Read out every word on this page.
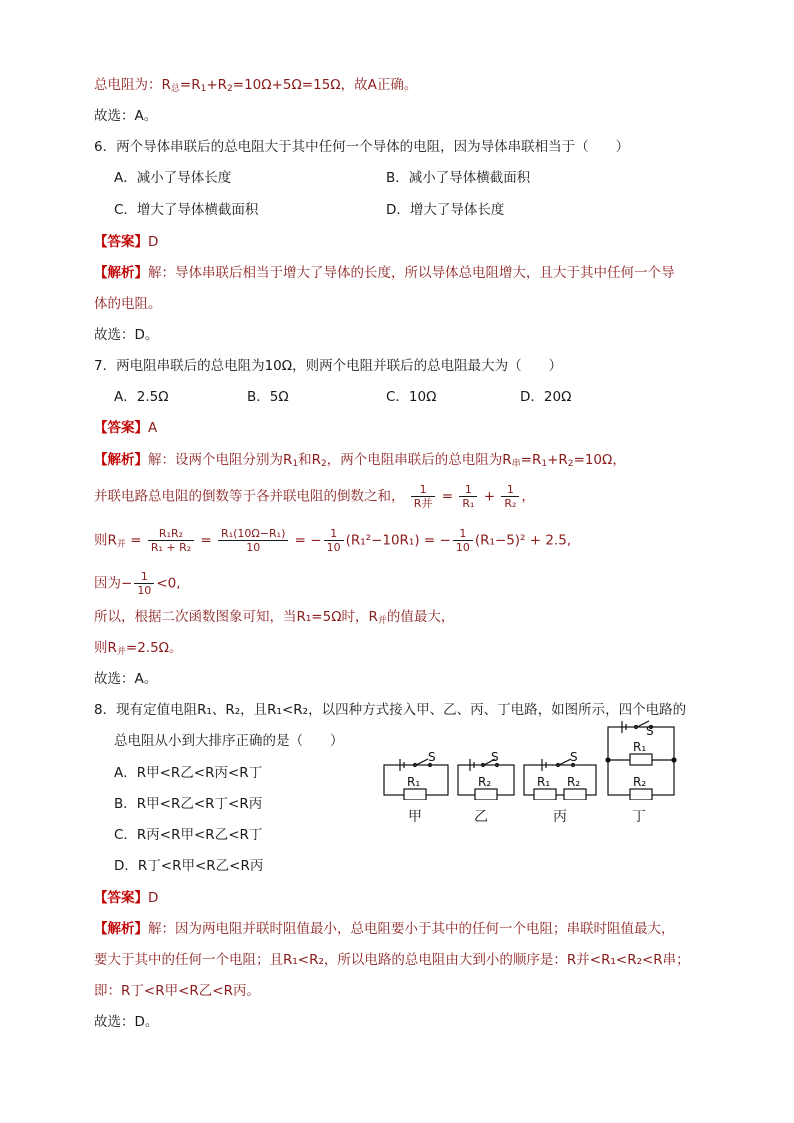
总电阻为：$R_总=R_1+R_2=10\Omega+5\Omega=15\Omega$，故A正确。
故选：A。
6．两个导体串联后的总电阻大于其中任何一个导体的电阻，因为导体串联相当于（　　）
A．减小了导体长度	B．减小了导体横截面积
C．增大了导体横截面积	D．增大了导体长度
【答案】D
【解析】解：导体串联后相当于增大了导体的长度，所以导体总电阻增大，且大于其中任何一个导
体的电阻。
故选：D。
7．两电阻串联后的总电阻为10Ω，则两个电阻并联后的总电阻最大为（　　）
A．2.5Ω	B．5Ω	C．10Ω	D．20Ω
【答案】A
【解析】解：设两个电阻分别为$R_1$和$R_2$，两个电阻串联后的总电阻为$R_串=R_1+R_2=10\Omega$，
并联电路总电阻的倒数等于各并联电阻的倒数之和， $\frac{1}{\text{R并}} = \frac{1}{\text{R₁}} + \frac{1}{\text{R₂}}$ ，
则$R_并 = \frac{\text{R₁R₂}}{\text{R₁ + R₂}} = \frac{\text{R₁(10Ω−R₁)}}{10}$ = − $\frac{1}{10} (R_1^2-10R_1)$ = − $\frac{1}{10} (R_1-5)^2 + 2.5$,
因为− $\frac{1}{10} <0$,
所以，根据二次函数图象可知，当R₁=5Ω时，$R_并$的值最大，
则$R_并=2.5\Omega$。
故选：A。
8．现有定值电阻R₁、R₂，且R₁<R₂，以四种方式接入甲、乙、丙、丁电路，如图所示，四个电路的
总电阻从小到大排序正确的是（　　）
A．R甲<R乙<R丙<R丁
B．R甲<R乙<R丁<R丙
C．R丙<R甲<R乙<R丁
D．R丁<R甲<R乙<R丙
S
R₁
S
R₂
S
R₁ R₂
S
R₁
R₂
甲	乙	丙	丁
【答案】D
【解析】解：因为两电阻并联时阻值最小，总电阻要小于其中的任何一个电阻；串联时阻值最大，
要大于其中的任何一个电阻；且R₁<R₂，所以电路的总电阻由大到小的顺序是：R并<R₁<R₂<R串；
即：R丁<R甲<R乙<R丙。
故选：D。
